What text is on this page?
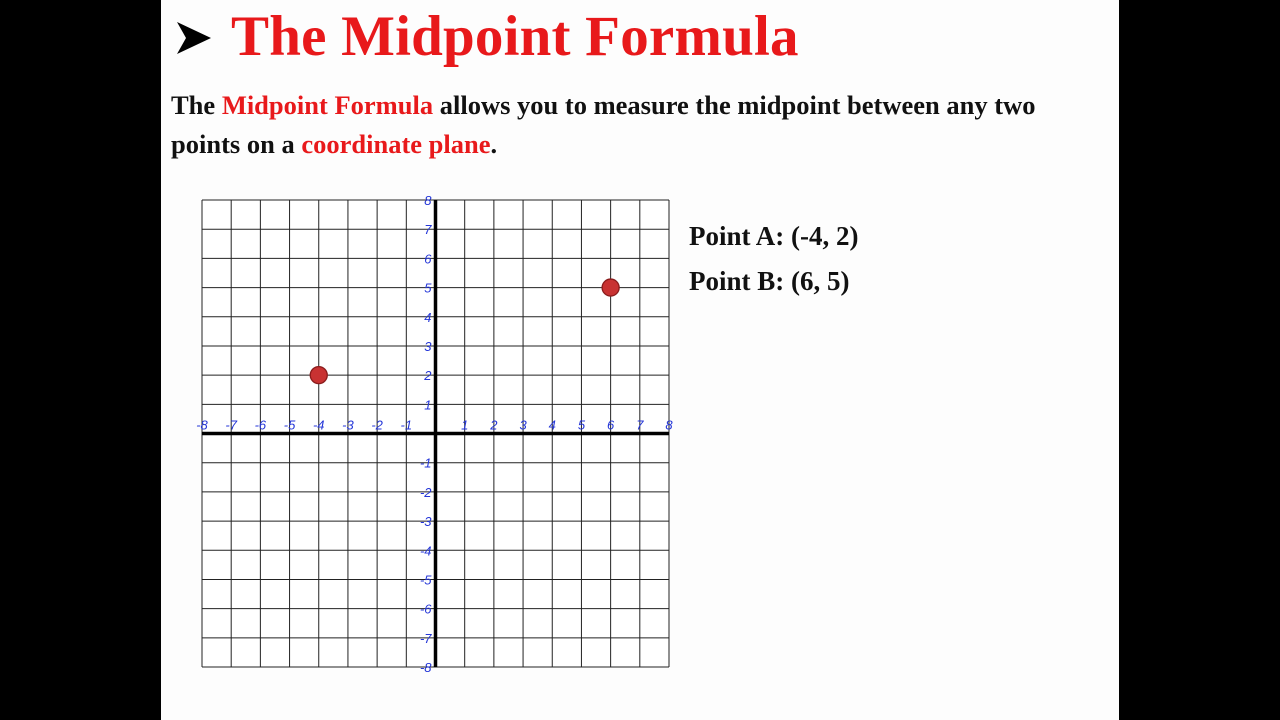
The Midpoint Formula
The Midpoint Formula allows you to measure the midpoint between any two points on a coordinate plane.
-8 -7 -6 -5 -4 -3 -2 -1	1 2 3 4 5 6 7 8
8
7
6
5
4
3
2
1
-1
-2
-3
-4
-5
-6
-7
-8
Point A: (-4, 2)
Point B: (6, 5)
